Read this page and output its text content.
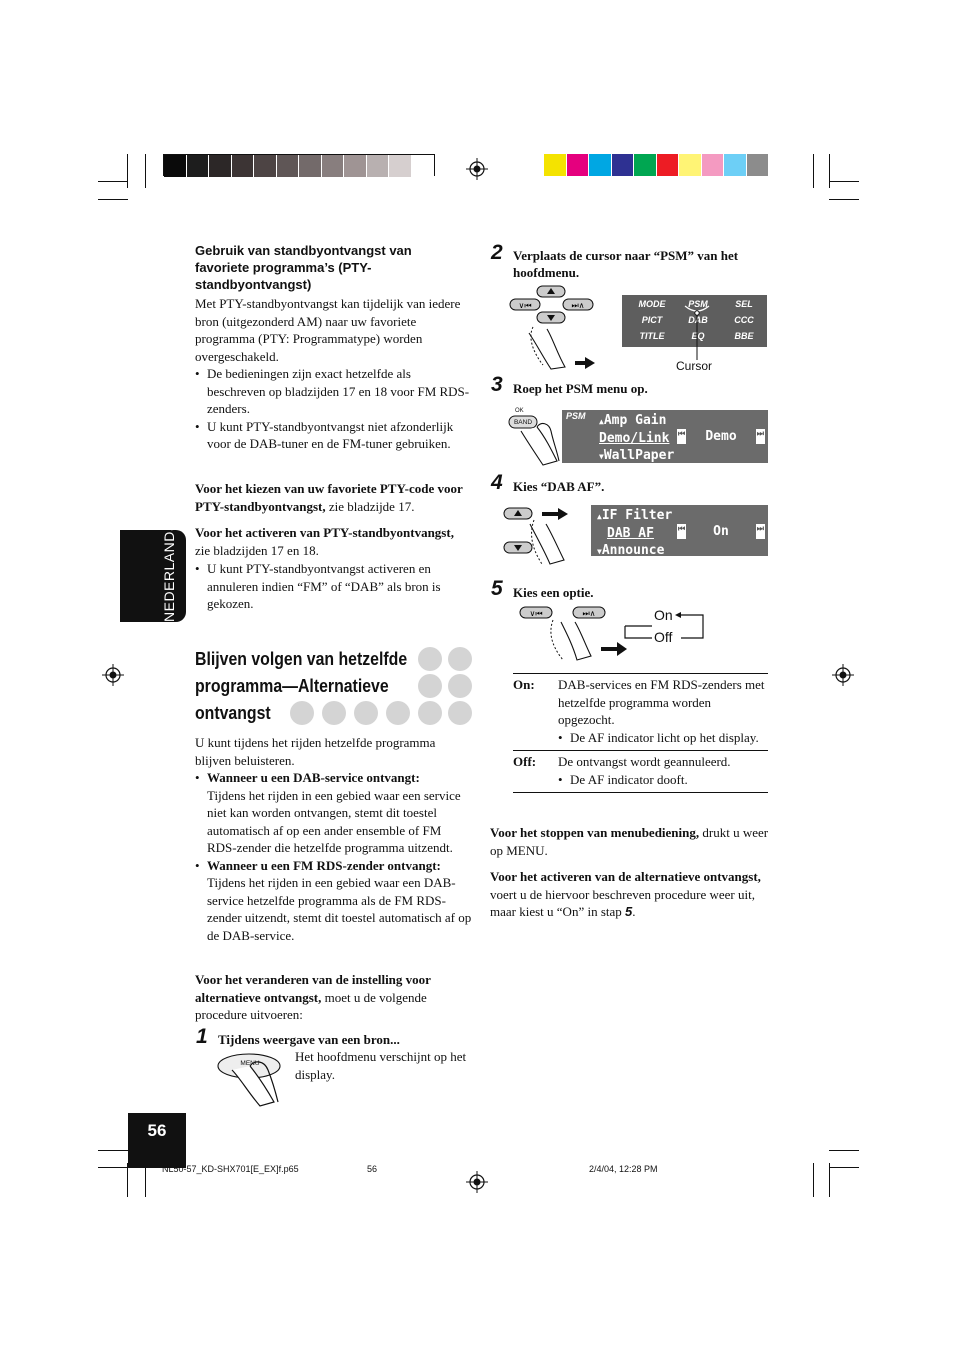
NEDERLANDS
Gebruik van standbyontvangst van favoriete programma’s (PTY-standbyontvangst)
Met PTY-standbyontvangst kan tijdelijk van iedere bron (uitgezonderd AM) naar uw favoriete programma (PTY: Programmatype) worden overgeschakeld.
• De bedieningen zijn exact hetzelfde als beschreven op bladzijden 17 en 18 voor FM RDS-zenders.
• U kunt PTY-standbyontvangst niet afzonderlijk voor de DAB-tuner en de FM-tuner gebruiken.
Voor het kiezen van uw favoriete PTY-code voor PTY-standbyontvangst, zie bladzijde 17.
Voor het activeren van PTY-standbyontvangst, zie bladzijden 17 en 18.
• U kunt PTY-standbyontvangst activeren en annuleren indien “FM” of “DAB” als bron is gekozen.
Blijven volgen van hetzelfde
programma—Alternatieve
ontvangst
U kunt tijdens het rijden hetzelfde programma blijven beluisteren.
• Wanneer u een DAB-service ontvangt:
Tijdens het rijden in een gebied waar een service niet kan worden ontvangen, stemt dit toestel automatisch af op een ander ensemble of FM RDS-zender die hetzelfde programma uitzendt.
• Wanneer u een FM RDS-zender ontvangt:
Tijdens het rijden in een gebied waar een DAB-service hetzelfde programma als de FM RDS-zender uitzendt, stemt dit toestel automatisch af op de DAB-service.
Voor het veranderen van de instelling voor alternatieve ontvangst, moet u de volgende procedure uitvoeren:
1 Tijdens weergave van een bron...
Het hoofdmenu verschijnt op het display.
MENU
2 Verplaats de cursor naar “PSM” van het hoofdmenu.
∨⏮	⏭∧	MODE	PSM	SEL
PICT	DAB	CCC
TITLE	EQ	BBE
Cursor
3 Roep het PSM menu op.
OK
BAND
PSM
▲Amp Gain
Demo/Link
▼WallPaper
⏮ Demo	⏭
4 Kies “DAB AF”.
▲IF Filter
DAB AF
▼Announce
⏮ On	⏭
5 Kies een optie.
∨⏮	⏭∧	On
Off
On:	DAB-services en FM RDS-zenders met hetzelfde programma worden opgezocht.
• De AF indicator licht op het display.
Off:	De ontvangst wordt geannuleerd.
• De AF indicator dooft.
Voor het stoppen van menubediening, drukt u weer op MENU.
Voor het activeren van de alternatieve ontvangst, voert u de hiervoor beschreven procedure weer uit, maar kiest u “On” in stap 5.
56
NL50-57_KD-SHX701[E_EX]f.p65	56	2/4/04, 12:28 PM
